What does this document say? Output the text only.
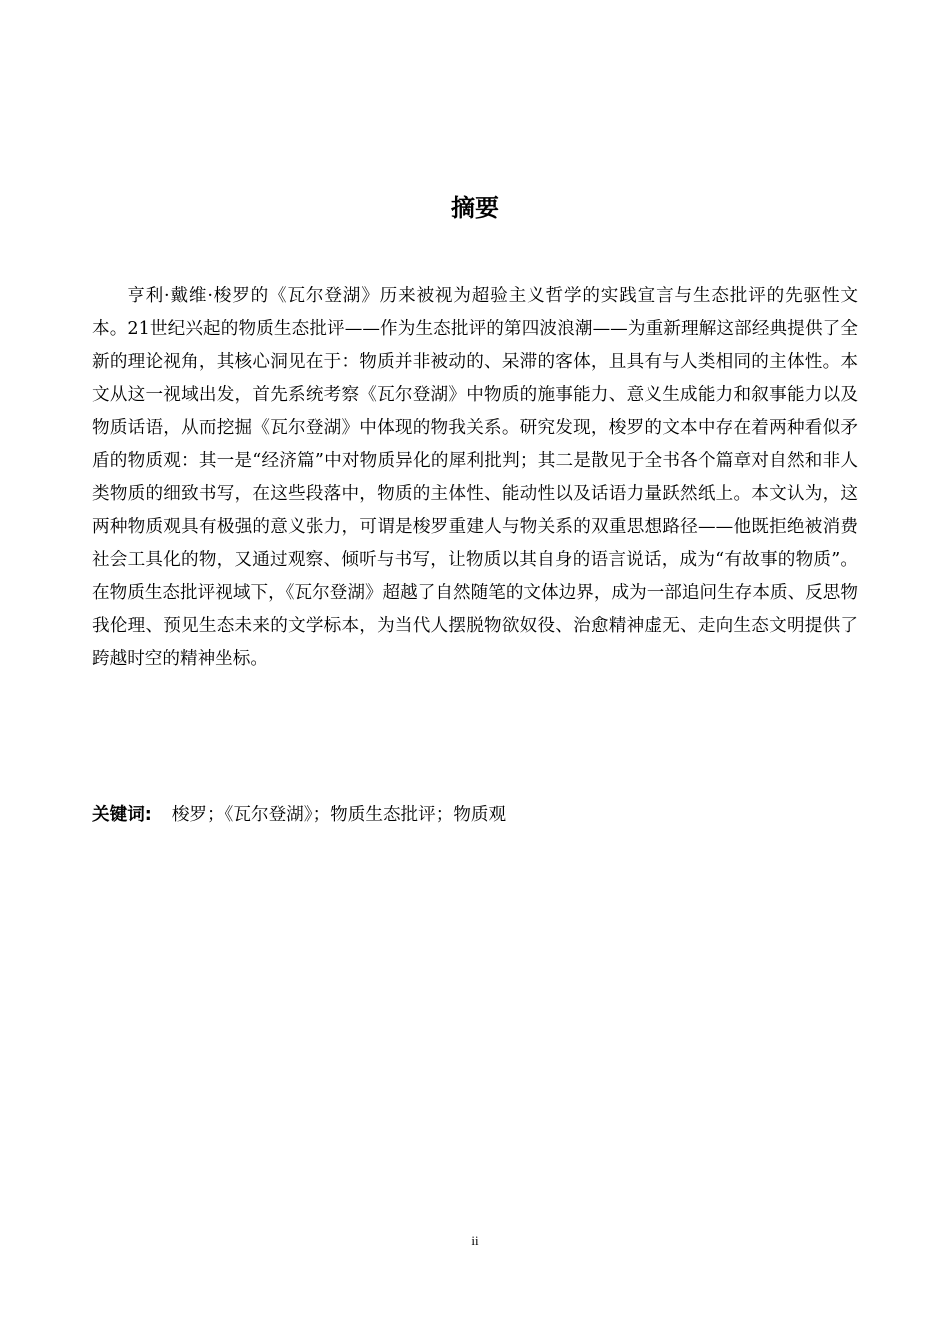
摘要

亨利·戴维·梭罗的《瓦尔登湖》历来被视为超验主义哲学的实践宣言与生态批评的先驱性文本。21世纪兴起的物质生态批评——作为生态批评的第四波浪潮——为重新理解这部经典提供了全新的理论视角，其核心洞见在于：物质并非被动的、呆滞的客体，且具有与人类相同的主体性。本文从这一视域出发，首先系统考察《瓦尔登湖》中物质的施事能力、意义生成能力和叙事能力以及物质话语，从而挖掘《瓦尔登湖》中体现的物我关系。研究发现，梭罗的文本中存在着两种看似矛盾的物质观：其一是“经济篇”中对物质异化的犀利批判；其二是散见于全书各个篇章对自然和非人类物质的细致书写，在这些段落中，物质的主体性、能动性以及话语力量跃然纸上。本文认为，这两种物质观具有极强的意义张力，可谓是梭罗重建人与物关系的双重思想路径——他既拒绝被消费社会工具化的物，又通过观察、倾听与书写，让物质以其自身的语言说话，成为“有故事的物质”。在物质生态批评视域下，《瓦尔登湖》超越了自然随笔的文体边界，成为一部追问生存本质、反思物我伦理、预见生态未来的文学标本，为当代人摆脱物欲奴役、治愈精神虚无、走向生态文明提供了跨越时空的精神坐标。

关键词: 梭罗；《瓦尔登湖》；物质生态批评；物质观
ii
